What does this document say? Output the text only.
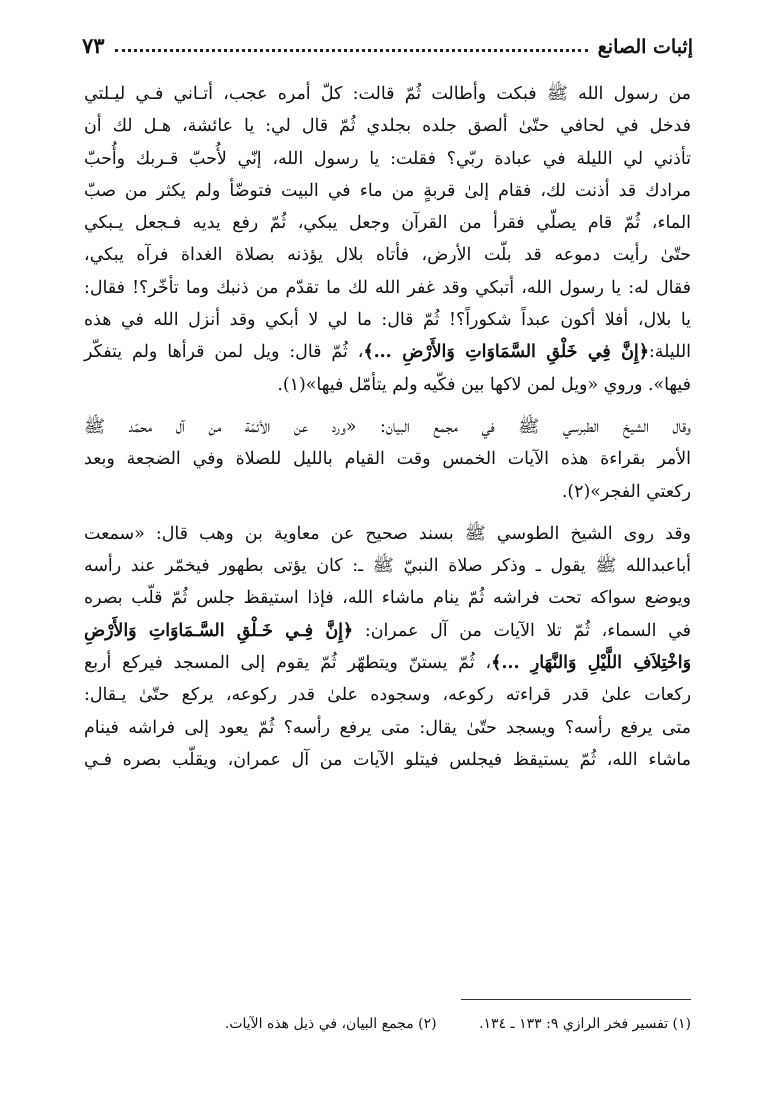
إثبات الصانع
٧٣

من رسول الله ﷺ فبكت وأطالت ثُمّ قالت: كلّ أمره عجب، أتـاني فـي ليـلتي

فدخل في لحافي حتّىٰ ألصق جلده بجلدي ثُمّ قال لي: يا عائشة، هـل لك أن

تأذني لي الليلة في عبادة ربّي؟ فقلت: يا رسول الله، إنّي لأُحبّ قـربك وأُحبّ

مرادك قد أذنت لك، فقام إلىٰ قربةٍ من ماء في البيت فتوضّأ ولم يكثر من صبّ

الماء، ثُمّ قام يصلّي فقرأ من القرآن وجعل يبكي، ثُمّ رفع يديه فـجعل يـبكي

حتّىٰ رأيت دموعه قد بلّت الأرض، فأتاه بلال يؤذنه بصلاة الغداة فرآه يبكي،

فقال له: يا رسول الله، أتبكي وقد غفر الله لك ما تقدّم من ذنبك وما تأخّر؟! فقال:

يا بلال، أفلا أكون عبداً شكوراً؟! ثُمّ قال: ما لي لا أبكي وقد أنزل الله في هذه

الليلة:﴿إِنَّ فِي خَلْقِ السَّمَاوَاتِ وَالأَرْضِ ...﴾، ثُمّ قال: ويل لمن قرأها ولم يتفكّر

فيها». وروي «ويل لمن لاكها بين فكّيه ولم يتأمّل فيها»(١).

وقال الشيخ الطبرسي ﷺ في مجمع البيان: «ورد عن الأئمّة من آل محمّد ﷺ

الأمر بقراءة هذه الآيات الخمس وقت القيام بالليل للصلاة وفي الضجعة وبعد

ركعتي الفجر»(٢).

وقد روى الشيخ الطوسي ﷺ بسند صحيح عن معاوية بن وهب قال: «سمعت

أباعبدالله ﷺ يقول ـ وذكر صلاة النبيّ ﷺ ـ: كان يؤتى بطهور فيخمّر عند رأسه

ويوضع سواكه تحت فراشه ثُمّ ينام ماشاء الله، فإذا استيقظ جلس ثُمّ قلّب بصره

في السماء، ثُمّ تلا الآيات من آل عمران: ﴿إِنَّ فِـي خَـلْقِ السَّـمَاوَاتِ وَالأَرْضِ

وَاخْتِلاَفِ اللَّيْلِ وَالنَّهَارِ ...﴾، ثُمّ يستنّ ويتطهّر ثُمّ يقوم إلى المسجد فيركع أربع

ركعات علىٰ قدر قراءته ركوعه، وسجوده علىٰ قدر ركوعه، يركع حتّىٰ يـقال:

متى يرفع رأسه؟ ويسجد حتّىٰ يقال: متى يرفع رأسه؟ ثُمّ يعود إلى فراشه فينام

ماشاء الله، ثُمّ يستيقظ فيجلس فيتلو الآيات من آل عمران، ويقلّب بصره فـي

(١) تفسير فخر الرازي ٩: ١٣٣ ـ ١٣٤. (٢) مجمع البيان، في ذيل هذه الآيات.
